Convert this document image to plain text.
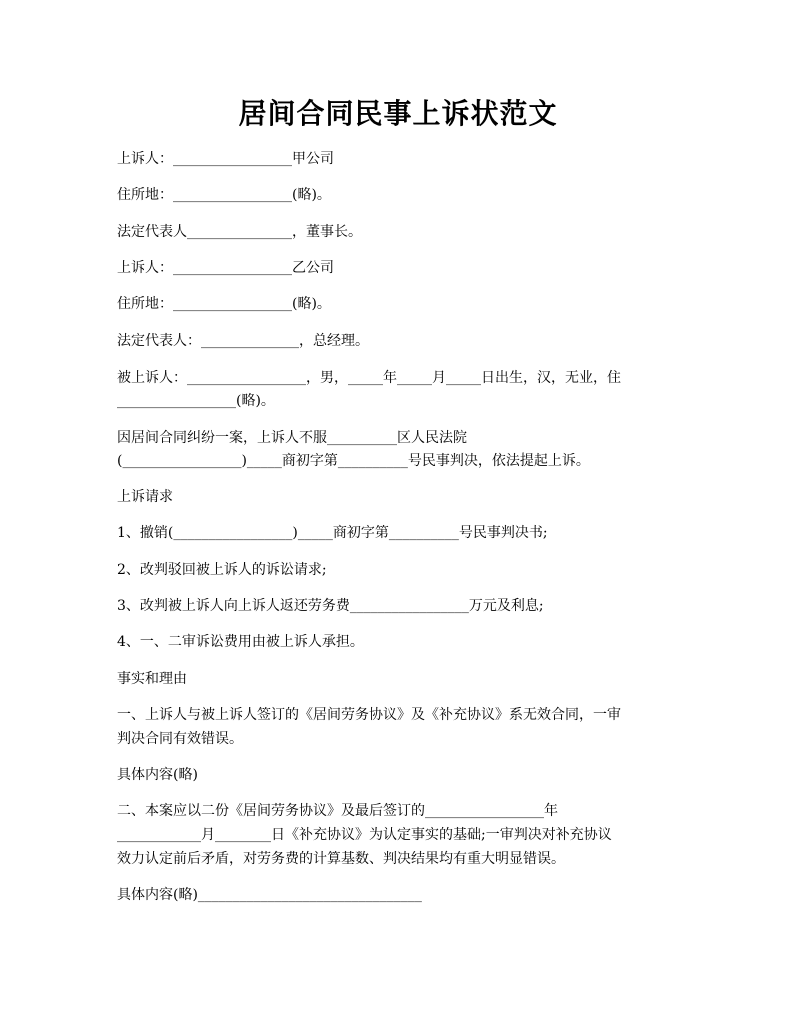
居间合同民事上诉状范文
上诉人：_________________甲公司
住所地：_________________(略)。
法定代表人_______________，董事长。
上诉人：_________________乙公司
住所地：_________________(略)。
法定代表人：______________，总经理。
被上诉人：_________________，男，_____年_____月_____日出生，汉，无业，住
_________________(略)。
因居间合同纠纷一案，上诉人不服__________区人民法院
(_________________)_____商初字第__________号民事判决，依法提起上诉。
上诉请求
1、撤销(_________________)_____商初字第__________号民事判决书;
2、改判驳回被上诉人的诉讼请求;
3、改判被上诉人向上诉人返还劳务费_________________万元及利息;
4、一、二审诉讼费用由被上诉人承担。
事实和理由
一、上诉人与被上诉人签订的《居间劳务协议》及《补充协议》系无效合同，一审
判决合同有效错误。
具体内容(略)
二、本案应以二份《居间劳务协议》及最后签订的_________________年
____________月________日《补充协议》为认定事实的基础;一审判决对补充协议
效力认定前后矛盾，对劳务费的计算基数、判决结果均有重大明显错误。
具体内容(略)________________________________
